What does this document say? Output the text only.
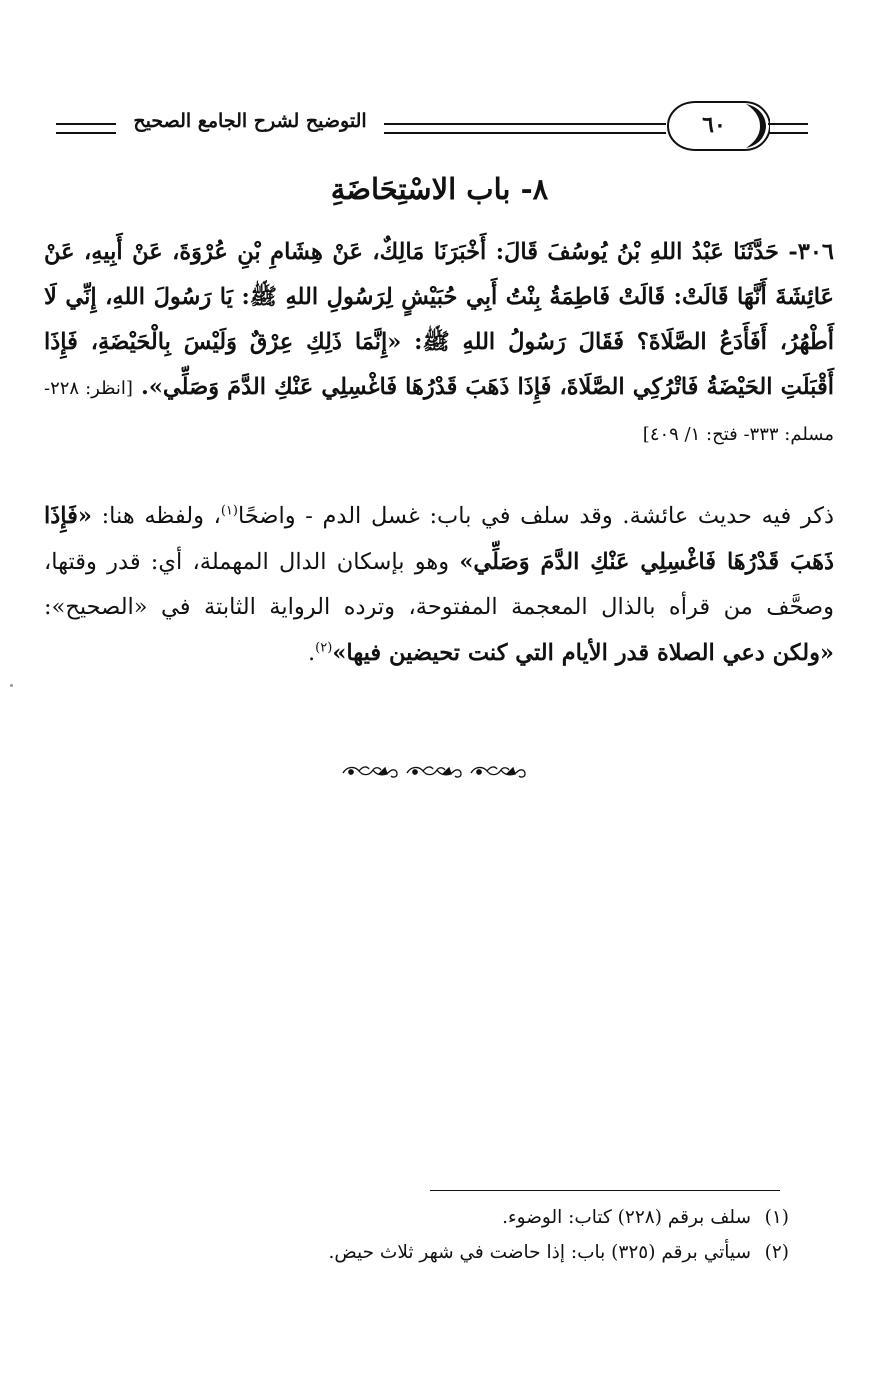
التوضيح لشرح الجامع الصحيح	٦٠
٨- باب الاسْتِحَاضَةِ
٣٠٦- حَدَّثَنَا عَبْدُ اللهِ بْنُ يُوسُفَ قَالَ: أَخْبَرَنَا مَالِكٌ، عَنْ هِشَامِ بْنِ عُرْوَةَ، عَنْ أَبِيهِ، عَنْ عَائِشَةَ أَنَّهَا قَالَتْ: قَالَتْ فَاطِمَةُ بِنْتُ أَبِي حُبَيْشٍ لِرَسُولِ اللهِ ﷺ: يَا رَسُولَ اللهِ، إِنِّي لَا أَطْهُرُ، أَفَأَدَعُ الصَّلَاةَ؟ فَقَالَ رَسُولُ اللهِ ﷺ: «إِنَّمَا ذَلِكِ عِرْقٌ وَلَيْسَ بِالْحَيْضَةِ، فَإِذَا أَقْبَلَتِ الحَيْضَةُ فَاتْرُكِي الصَّلَاةَ، فَإِذَا ذَهَبَ قَدْرُهَا فَاغْسِلِي عَنْكِ الدَّمَ وَصَلِّي». [انظر: ٢٢٨- مسلم: ٣٣٣- فتح: ١/ ٤٠٩]
ذكر فيه حديث عائشة. وقد سلف في باب: غسل الدم - واضحًا$^{(١)}$، ولفظه هنا: «فَإِذَا ذَهَبَ قَدْرُهَا فَاغْسِلِي عَنْكِ الدَّمَ وَصَلِّي» وهو بإسكان الدال المهملة، أي: قدر وقتها، وصحَّف من قرأه بالذال المعجمة المفتوحة، وترده الرواية الثابتة في «الصحيح»: «ولكن دعي الصلاة قدر الأيام التي كنت تحيضين فيها»$^{(٢)}$.
(١)سلف برقم (٢٢٨) كتاب: الوضوء.
(٢)سيأتي برقم (٣٢٥) باب: إذا حاضت في شهر ثلاث حيض.
